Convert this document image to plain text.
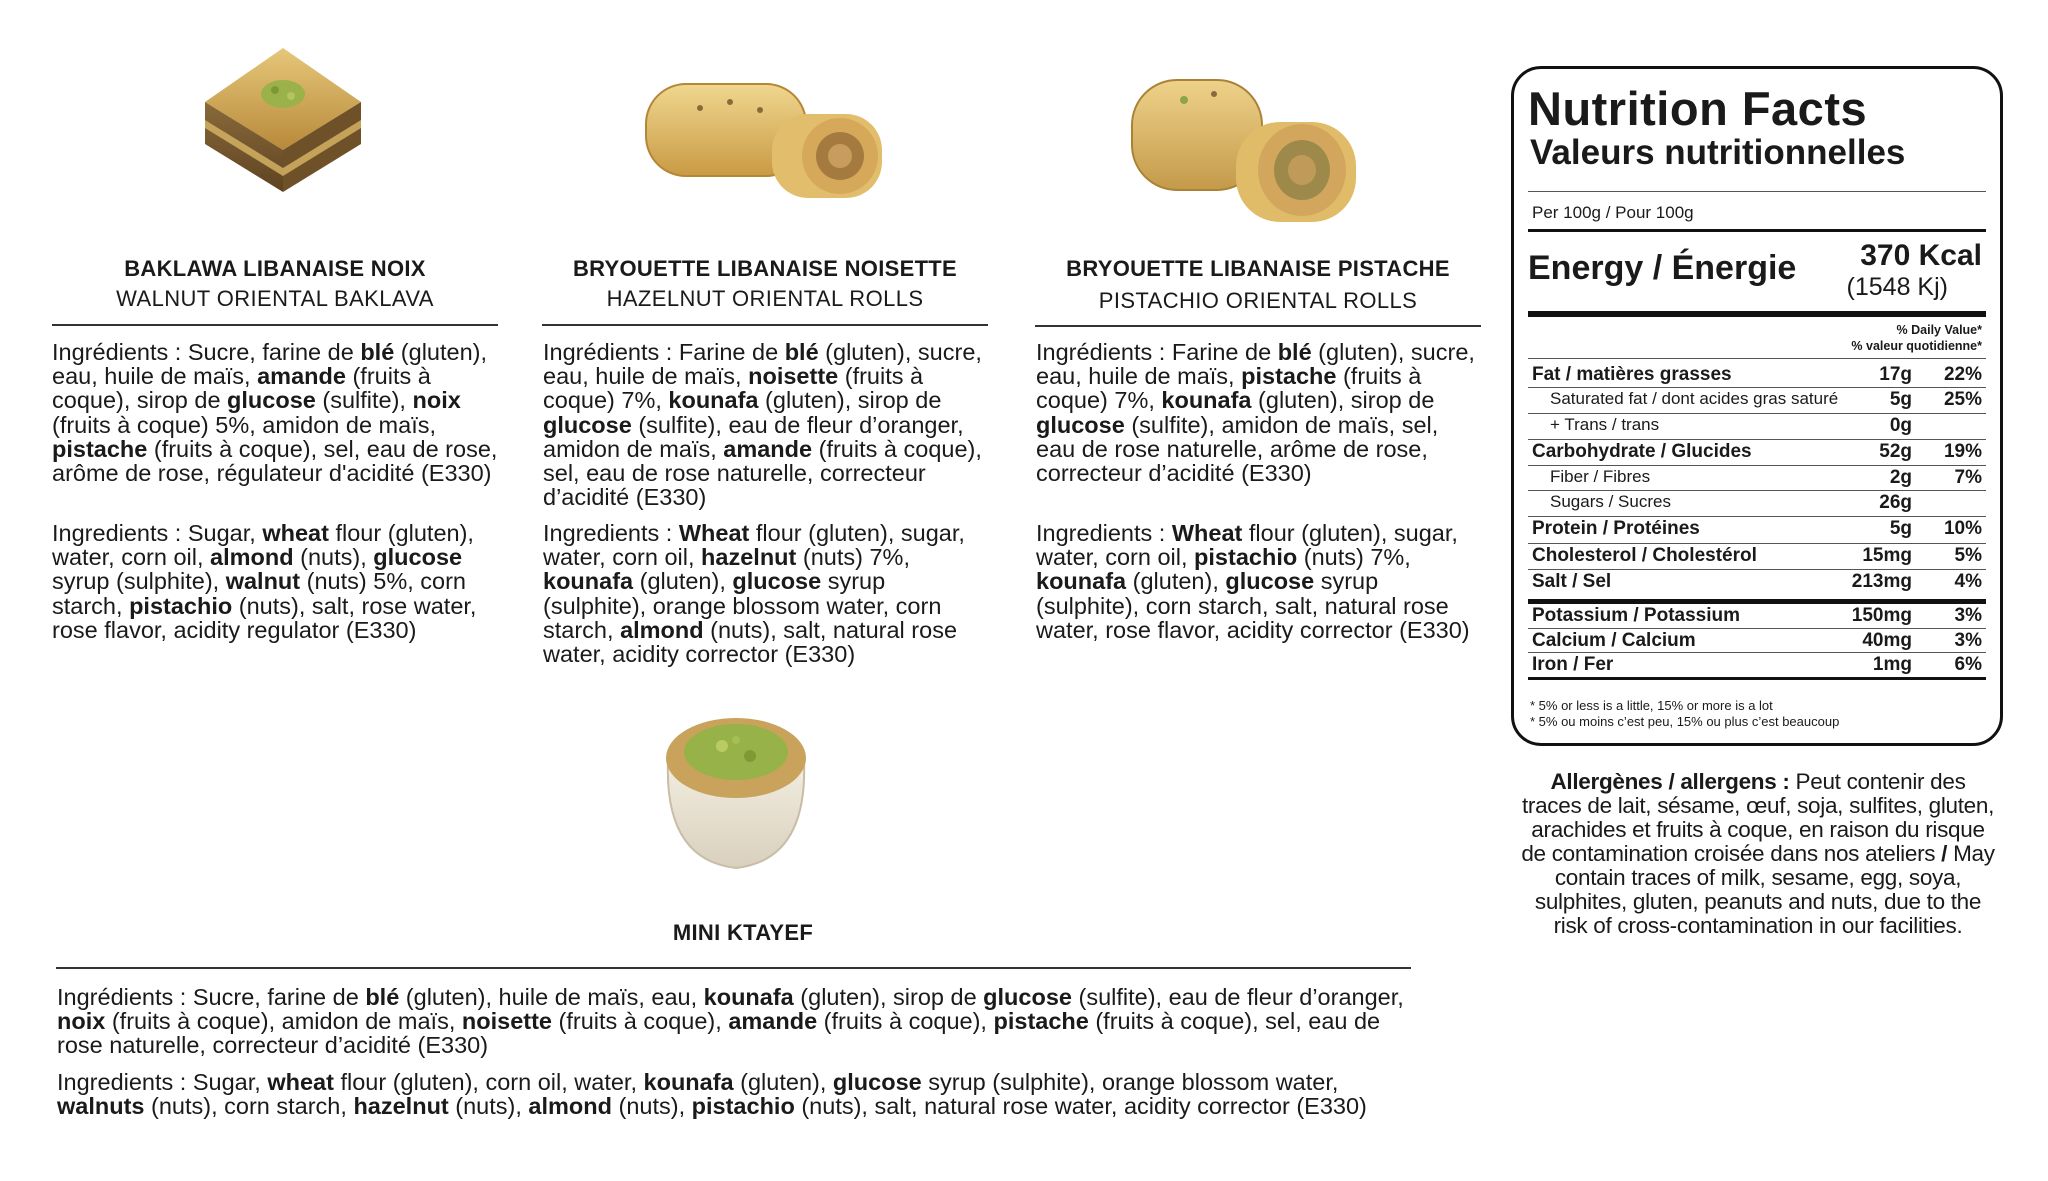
BAKLAWA LIBANAISE NOIX
WALNUT ORIENTAL BAKLAVA
Ingrédients : Sucre, farine de blé (gluten), eau, huile de maïs, amande (fruits à coque), sirop de glucose (sulfite), noix (fruits à coque) 5%, amidon de maïs, pistache (fruits à coque), sel, eau de rose, arôme de rose, régulateur d'acidité (E330)
Ingredients : Sugar, wheat flour (gluten), water, corn oil, almond (nuts), glucose syrup (sulphite), walnut (nuts) 5%, corn starch, pistachio (nuts), salt, rose water, rose flavor, acidity regulator (E330)
BRYOUETTE LIBANAISE NOISETTE
HAZELNUT ORIENTAL ROLLS
Ingrédients : Farine de blé (gluten), sucre, eau, huile de maïs, noisette (fruits à coque) 7%, kounafa (gluten), sirop de glucose (sulfite), eau de fleur d’oranger, amidon de maïs, amande (fruits à coque), sel, eau de rose naturelle, correcteur d’acidité (E330)
Ingredients : Wheat flour (gluten), sugar, water, corn oil, hazelnut (nuts) 7%, kounafa (gluten), glucose syrup (sulphite), orange blossom water, corn starch, almond (nuts), salt, natural rose water, acidity corrector (E330)
BRYOUETTE LIBANAISE PISTACHE
PISTACHIO ORIENTAL ROLLS
Ingrédients : Farine de blé (gluten), sucre, eau, huile de maïs, pistache (fruits à coque) 7%, kounafa (gluten), sirop de glucose (sulfite), amidon de maïs, sel, eau de rose naturelle, arôme de rose, correcteur d’acidité (E330)
Ingredients : Wheat flour (gluten), sugar, water, corn oil, pistachio (nuts) 7%, kounafa (gluten), glucose syrup (sulphite), corn starch, salt, natural rose water, rose flavor, acidity corrector (E330)
MINI KTAYEF
Ingrédients : Sucre, farine de blé (gluten), huile de maïs, eau, kounafa (gluten), sirop de glucose (sulfite), eau de fleur d’oranger, noix (fruits à coque), amidon de maïs, noisette (fruits à coque), amande (fruits à coque), pistache (fruits à coque), sel, eau de rose naturelle, correcteur d’acidité (E330)
Ingredients : Sugar, wheat flour (gluten), corn oil, water, kounafa (gluten), glucose syrup (sulphite), orange blossom water, walnuts (nuts), corn starch, hazelnut (nuts), almond (nuts), pistachio (nuts), salt, natural rose water, acidity corrector (E330)
Nutrition Facts
Valeurs nutritionnelles
Per 100g / Pour 100g
Energy / Énergie 370 Kcal
(1548 Kj)
% Daily Value*
% valeur quotidienne*
Fat / matières grasses	17g 22%
Saturated fat / dont acides gras saturé	5g 25%
+ Trans / trans	0g
Carbohydrate / Glucides	52g 19%
Fiber / Fibres	2g 7%
Sugars / Sucres	26g
Protein / Protéines	5g 10%
Cholesterol / Cholestérol	15mg 5%
Salt / Sel	213mg 4%
Potassium / Potassium	150mg 3%
Calcium / Calcium	40mg 3%
Iron / Fer	1mg 6%
* 5% or less is a little, 15% or more is a lot
* 5% ou moins c’est peu, 15% ou plus c’est beaucoup
Allergènes / allergens : Peut contenir des traces de lait, sésame, œuf, soja, sulfites, gluten, arachides et fruits à coque, en raison du risque de contamination croisée dans nos ateliers / May contain traces of milk, sesame, egg, soya, sulphites, gluten, peanuts and nuts, due to the risk of cross-contamination in our facilities.
